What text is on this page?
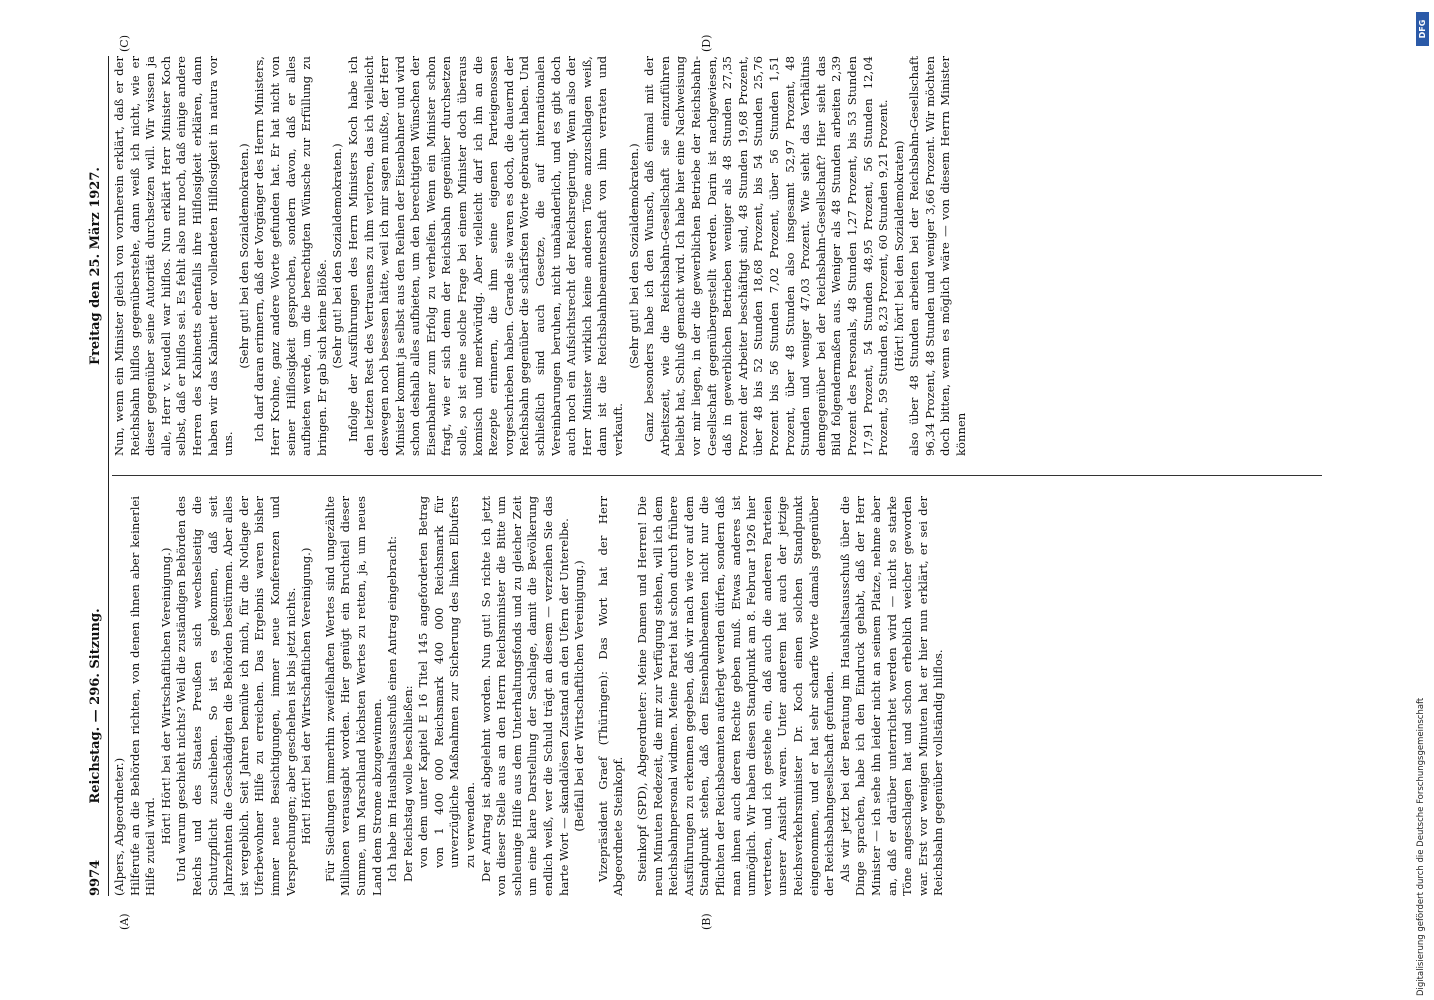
9974
Reichstag. — 296. Sitzung.
Freitag den 25. März 1927.

(Alpers, Abgeordneter.) Hilferufe an die Behörden richten, von denen ihnen aber keinerlei Hilfe zuteil wird.

Hört! Hört! bei der Wirtschaftlichen Vereinigung.) Und warum geschieht nichts? Weil die zuständigen Behörden des Reichs und des Staates Preußen sich wechselseitig die Schutzpflicht zuschieben. So ist es gekommen, daß seit Jahrzehnten die Geschädigten die Behörden bestürmen. Aber alles ist vergeblich. Seit Jahren bemühe ich mich, für die Notlage der Uferbewohner Hilfe zu erreichen. Das Ergebnis waren bisher immer neue Besichtigungen, immer neue Konferenzen und Versprechungen; aber geschehen ist bis jetzt nichts. Hört! Hört! bei der Wirtschaftlichen Vereinigung.) Für Siedlungen immerhin zweifelhaften Wertes sind ungezählte Millionen verausgabt worden. Hier genügt ein Bruchteil dieser Summe, um Marschland höchsten Wertes zu retten, ja, um neues Land dem Strome abzugewinnen. Ich habe im Haushaltsausschuß einen Antrag eingebracht: Der Reichstag wolle beschließen: von dem unter Kapitel E 16 Titel 145 angeforderten Betrag von 1 400 000 Reichsmark 400 000 Reichsmark für unverzügliche Maßnahmen zur Sicherung des linken Elbufers zu verwenden. Der Antrag ist abgelehnt worden. Nun gut! So richte ich jetzt von dieser Stelle aus an den Herrn Reichsminister die Bitte um schleunige Hilfe aus dem Unterhaltungsfonds und zu gleicher Zeit um eine klare Darstellung der Sachlage, damit die Bevölkerung endlich weiß, wer die Schuld trägt an diesem — verzeihen Sie das harte Wort — skandalösen Zustand an den Ufern der Unterelbe. (Beifall bei der Wirtschaftlichen Vereinigung.) Vizepräsident Graef (Thüringen): Das Wort hat der Herr Abgeordnete Steinkopf. Steinkopf (SPD), Abgeordneter: Meine Damen und Herren! Die neun Minuten Redezeit, die mir zur Verfügung stehen, will ich dem Reichsbahnpersonal widmen. Meine Partei hat schon durch frühere Ausführungen zu erkennen gegeben, daß wir nach wie vor auf dem Standpunkt stehen, daß den Eisenbahnbeamten nicht nur die Pflichten der Reichsbeamten auferlegt werden dürfen, sondern daß man ihnen auch deren Rechte geben muß. Etwas anderes ist unmöglich. Wir haben diesen Standpunkt am 8. Februar 1926 hier vertreten, und ich gestehe ein, daß auch die anderen Parteien unserer Ansicht waren. Unter anderem hat auch der jetzige Reichsverkehrsminister Dr. Koch einen solchen Standpunkt eingenommen, und er hat sehr scharfe Worte damals gegenüber der Reichsbahngesellschaft gefunden. Als wir jetzt bei der Beratung im Haushaltsausschuß über die Dinge sprachen, habe ich den Eindruck gehabt, daß der Herr Minister — ich sehe ihn leider nicht an seinem Platze, nehme aber an, daß er darüber unterrichtet werden wird — nicht so starke Töne angeschlagen hat und schon erheblich weicher geworden war. Erst vor wenigen Minuten hat er hier nun erklärt, er sei der Reichsbahn gegenüber vollständig hilflos.

Nun, wenn ein Minister gleich von vornherein erklärt, daß er der Reichsbahn hilflos gegenüberstehe, dann weiß ich nicht, wie er dieser gegenüber seine Autorität durchsetzen will. Wir wissen ja alle, Herr v. Keudell war hilflos. Nun erklärt Herr Minister Koch selbst, daß er hilflos sei. Es fehlt also nur noch, daß einige andere Herren des Kabinetts ebenfalls ihre Hilflosigkeit erklären, dann haben wir das Kabinett der vollendeten Hilflosigkeit in natura vor uns.

(Sehr gut! bei den Sozialdemokraten.) Ich darf daran erinnern, daß der Vorgänger des Herrn Ministers, Herr Krohne, ganz andere Worte gefunden hat. Er hat nicht von seiner Hilflosigkeit gesprochen, sondern davon, daß er alles aufbieten werde, um die berechtigten Wünsche zur Erfüllung zu bringen. Er gab sich keine Blöße. (Sehr gut! bei den Sozialdemokraten.) Infolge der Ausführungen des Herrn Ministers Koch habe ich den letzten Rest des Vertrauens zu ihm verloren, das ich vielleicht deswegen noch besessen hätte, weil ich mir sagen mußte, der Herr Minister kommt ja selbst aus den Reihen der Eisenbahner und wird schon deshalb alles aufbieten, um den berechtigten Wünschen der Eisenbahner zum Erfolg zu verhelfen. Wenn ein Minister schon fragt, wie er sich denn der Reichsbahn gegenüber durchsetzen solle, so ist eine solche Frage bei einem Minister doch überaus komisch und merkwürdig. Aber vielleicht darf ich ihn an die Rezepte erinnern, die ihm seine eigenen Parteigenossen vorgeschrieben haben. Gerade sie waren es doch, die dauernd der Reichsbahn gegenüber die schärfsten Worte gebraucht haben. Und schließlich sind auch Gesetze, die auf internationalen Vereinbarungen beruhen, nicht unabänderlich, und es gibt doch auch noch ein Aufsichtsrecht der Reichsregierung. Wenn also der Herr Minister wirklich keine anderen Töne anzuschlagen weiß, dann ist die Reichsbahnbeamtenschaft von ihm verraten und verkauft.

(Sehr gut! bei den Sozialdemokraten.) Ganz besonders habe ich den Wunsch, daß einmal mit der Arbeitszeit, wie die Reichsbahn-Gesellschaft sie einzuführen beliebt hat, Schluß gemacht wird. Ich habe hier eine Nachweisung vor mir liegen, in der die gewerblichen Betriebe der Reichsbahn-Gesellschaft gegenübergestellt werden. Darin ist nachgewiesen, daß in gewerblichen Betrieben weniger als 48 Stunden 27,35 Prozent der Arbeiter beschäftigt sind, 48 Stunden 19,68 Prozent, über 48 bis 52 Stunden 18,68 Prozent, bis 54 Stunden 25,76 Prozent bis 56 Stunden 7,02 Prozent, über 56 Stunden 1,51 Prozent, über 48 Stunden also insgesamt 52,97 Prozent, 48 Stunden und weniger 47,03 Prozent. Wie sieht das Verhältnis demgegenüber bei der Reichsbahn-Gesellschaft? Hier sieht das Bild folgendermaßen aus. Weniger als 48 Stunden arbeiten 2,39 Prozent des Personals, 48 Stunden 1,27 Prozent, bis 53 Stunden 17,91 Prozent, 54 Stunden 48,95 Prozent, 56 Stunden 12,04 Prozent, 59 Stunden 8,23 Prozent, 60 Stunden 9,21 Prozent. (Hört! hört! bei den Sozialdemokraten) also über 48 Stunden arbeiten bei der Reichsbahn-Gesellschaft 96,34 Prozent, 48 Stunden und weniger 3,66 Prozent. Wir möchten doch bitten, wenn es möglich wäre — von diesem Herrn Minister können

(A)	(B)
(C)	(D)
DFG
Digitalisierung gefördert durch die Deutsche Forschungsgemeinschaft
